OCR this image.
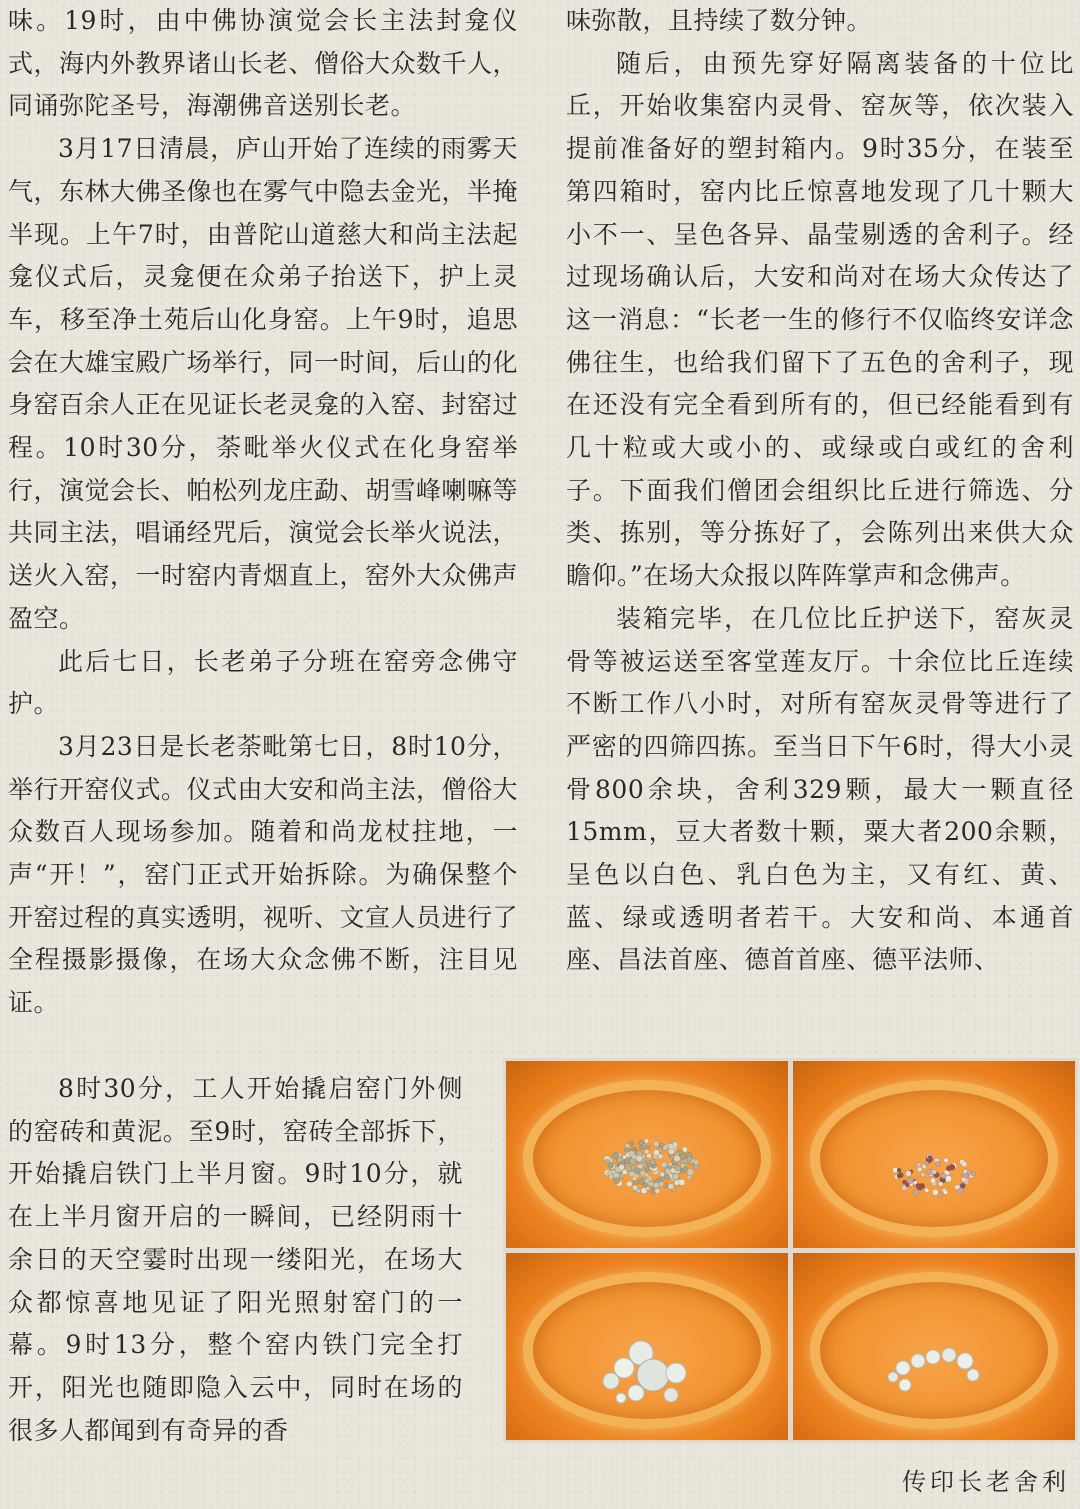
味。19时，由中佛协演觉会长主法封龛仪式，海内外教界诸山长老、僧俗大众数千人，同诵弥陀圣号，海潮佛音送别长老。

3月17日清晨，庐山开始了连续的雨雾天气，东林大佛圣像也在雾气中隐去金光，半掩半现。上午7时，由普陀山道慈大和尚主法起龛仪式后，灵龛便在众弟子抬送下，护上灵车，移至净土苑后山化身窑。上午9时，追思会在大雄宝殿广场举行，同一时间，后山的化身窑百余人正在见证长老灵龛的入窑、封窑过程。10时30分，荼毗举火仪式在化身窑举行，演觉会长、帕松列龙庄勐、胡雪峰喇嘛等共同主法，唱诵经咒后，演觉会长举火说法，送火入窑，一时窑内青烟直上，窑外大众佛声盈空。

此后七日，长老弟子分班在窑旁念佛守护。

3月23日是长老荼毗第七日，8时10分，举行开窑仪式。仪式由大安和尚主法，僧俗大众数百人现场参加。随着和尚龙杖拄地，一声“开！”，窑门正式开始拆除。为确保整个开窑过程的真实透明，视听、文宣人员进行了全程摄影摄像，在场大众念佛不断，注目见证。

8时30分，工人开始撬启窑门外侧的窑砖和黄泥。至9时，窑砖全部拆下，开始撬启铁门上半月窗。9时10分，就在上半月窗开启的一瞬间，已经阴雨十余日的天空霎时出现一缕阳光，在场大众都惊喜地见证了阳光照射窑门的一幕。9时13分，整个窑内铁门完全打开，阳光也随即隐入云中，同时在场的很多人都闻到有奇异的香

味弥散，且持续了数分钟。

随后，由预先穿好隔离装备的十位比丘，开始收集窑内灵骨、窑灰等，依次装入提前准备好的塑封箱内。9时35分，在装至第四箱时，窑内比丘惊喜地发现了几十颗大小不一、呈色各异、晶莹剔透的舍利子。经过现场确认后，大安和尚对在场大众传达了这一消息：“长老一生的修行不仅临终安详念佛往生，也给我们留下了五色的舍利子，现在还没有完全看到所有的，但已经能看到有几十粒或大或小的、或绿或白或红的舍利子。下面我们僧团会组织比丘进行筛选、分类、拣别，等分拣好了，会陈列出来供大众瞻仰。”在场大众报以阵阵掌声和念佛声。

装箱完毕，在几位比丘护送下，窑灰灵骨等被运送至客堂莲友厅。十余位比丘连续不断工作八小时，对所有窑灰灵骨等进行了严密的四筛四拣。至当日下午6时，得大小灵骨800余块，舍利329颗，最大一颗直径15mm，豆大者数十颗，粟大者200余颗，呈色以白色、乳白色为主，又有红、黄、蓝、绿或透明者若干。大安和尚、本通首座、昌法首座、德首首座、德平法师、

传印长老舍利
